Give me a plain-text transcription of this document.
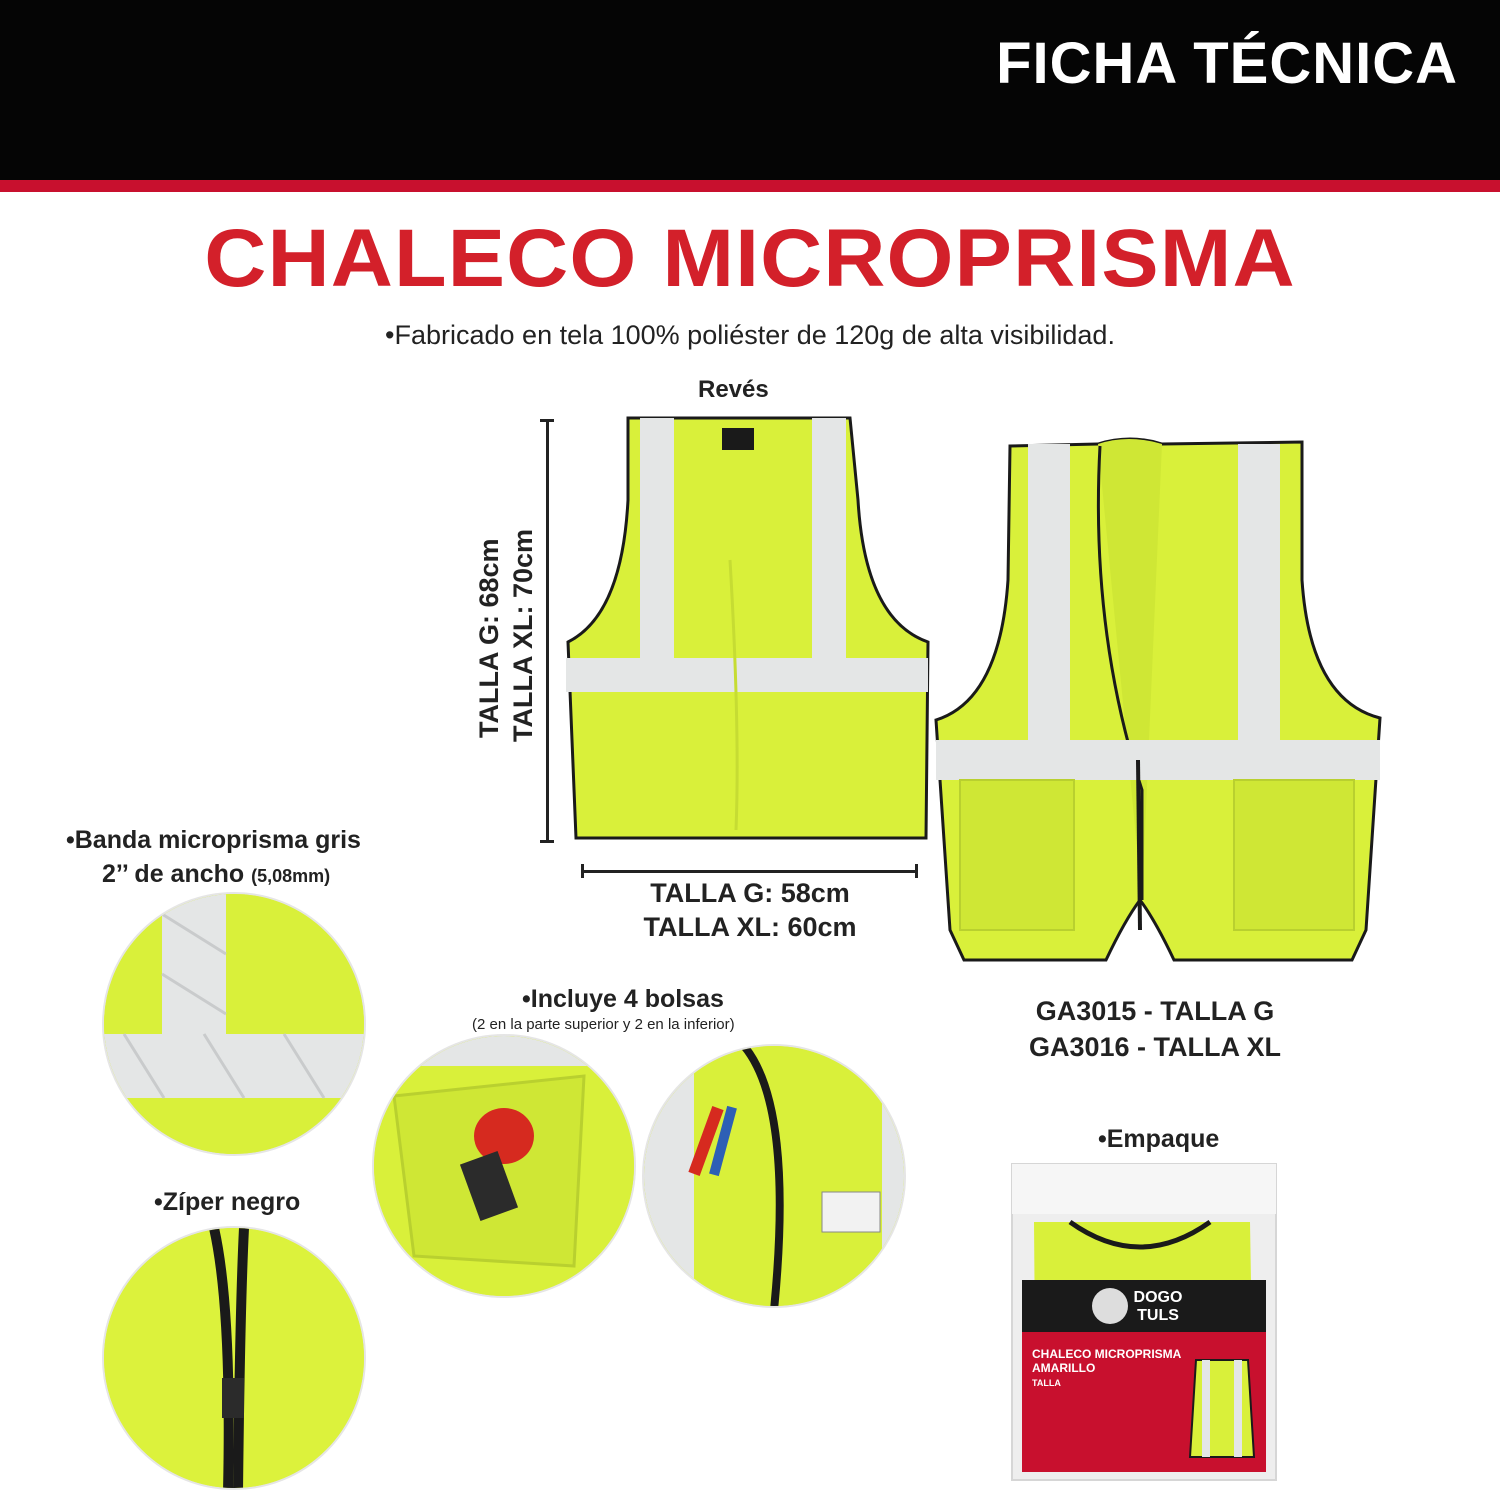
FICHA TÉCNICA
CHALECO MICROPRISMA
•Fabricado en tela 100% poliéster de 120g de alta visibilidad.
Revés
TALLA G: 68cm TALLA XL: 70cm
TALLA G: 58cm
TALLA XL: 60cm
GA3015 - TALLA G
GA3016 - TALLA XL
•Banda microprisma gris
2’’ de ancho (5,08mm)
•Zíper negro
•Incluye 4 bolsas
(2 en la parte superior y 2 en la inferior)
•Empaque
DOGO
TULS
CHALECO MICROPRISMA
AMARILLO
TALLA
